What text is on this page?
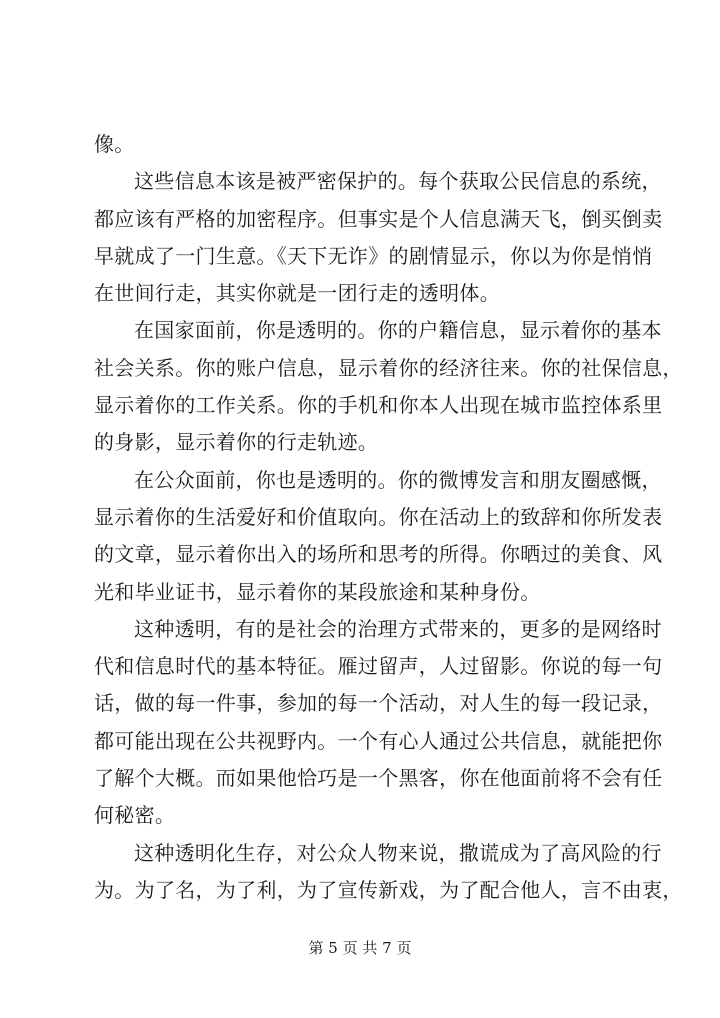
像。
这些信息本该是被严密保护的。每个获取公民信息的系统，
都应该有严格的加密程序。但事实是个人信息满天飞，倒买倒卖
早就成了一门生意。《天下无诈》的剧情显示，你以为你是悄悄
在世间行走，其实你就是一团行走的透明体。
在国家面前，你是透明的。你的户籍信息，显示着你的基本
社会关系。你的账户信息，显示着你的经济往来。你的社保信息，
显示着你的工作关系。你的手机和你本人出现在城市监控体系里
的身影，显示着你的行走轨迹。
在公众面前，你也是透明的。你的微博发言和朋友圈感慨，
显示着你的生活爱好和价值取向。你在活动上的致辞和你所发表
的文章，显示着你出入的场所和思考的所得。你晒过的美食、风
光和毕业证书，显示着你的某段旅途和某种身份。
这种透明，有的是社会的治理方式带来的，更多的是网络时
代和信息时代的基本特征。雁过留声，人过留影。你说的每一句
话，做的每一件事，参加的每一个活动，对人生的每一段记录，
都可能出现在公共视野内。一个有心人通过公共信息，就能把你
了解个大概。而如果他恰巧是一个黑客，你在他面前将不会有任
何秘密。
这种透明化生存，对公众人物来说，撒谎成为了高风险的行
为。为了名，为了利，为了宣传新戏，为了配合他人，言不由衷，
第 5 页 共 7 页
